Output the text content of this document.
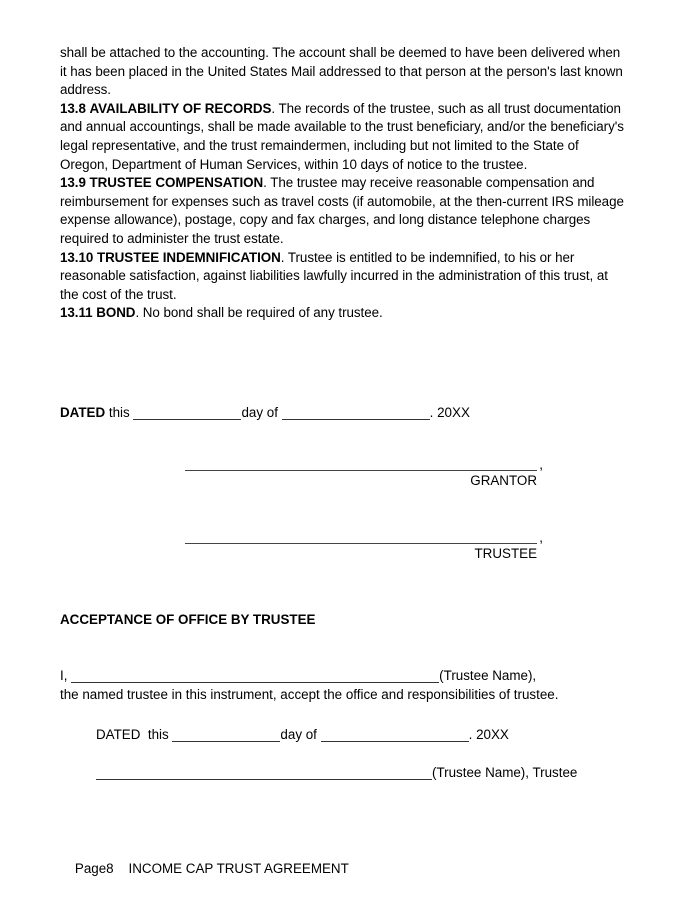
shall be attached to the accounting. The account shall be deemed to have been delivered when it has been placed in the United States Mail addressed to that person at the person's last known address.

13.8 AVAILABILITY OF RECORDS. The records of the trustee, such as all trust documentation and annual accountings, shall be made available to the trust beneficiary, and/or the beneficiary's legal representative, and the trust remaindermen, including but not limited to the State of Oregon, Department of Human Services, within 10 days of notice to the trustee.

13.9 TRUSTEE COMPENSATION. The trustee may receive reasonable compensation and reimbursement for expenses such as travel costs (if automobile, at the then-current IRS mileage expense allowance), postage, copy and fax charges, and long distance telephone charges required to administer the trust estate.

13.10 TRUSTEE INDEMNIFICATION. Trustee is entitled to be indemnified, to his or her reasonable satisfaction, against liabilities lawfully incurred in the administration of this trust, at the cost of the trust.

13.11 BOND. No bond shall be required of any trustee.

DATED this	day of	. 20XX
,
GRANTOR
,
TRUSTEE
ACCEPTANCE OF OFFICE BY TRUSTEE
I,	(Trustee Name),
the named trustee in this instrument, accept the office and responsibilities of trustee.
DATED this	day of	. 20XX
(Trustee Name), Trustee

Page8 INCOME CAP TRUST AGREEMENT
